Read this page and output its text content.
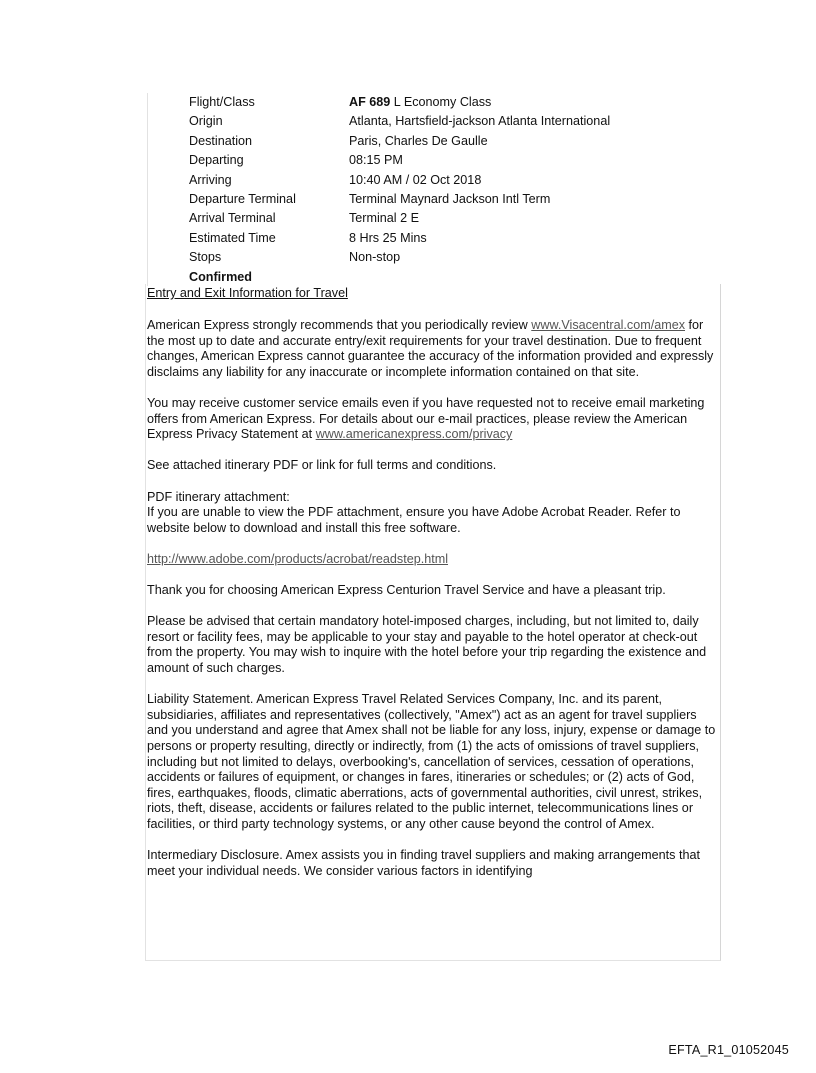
Flight/Class	AF 689 L Economy Class
Origin	Atlanta, Hartsfield-jackson Atlanta International
Destination	Paris, Charles De Gaulle
Departing	08:15 PM
Arriving	10:40 AM / 02 Oct 2018
Departure Terminal	Terminal Maynard Jackson Intl Term
Arrival Terminal	Terminal 2 E
Estimated Time	8 Hrs 25 Mins
Stops	Non-stop
Confirmed
Entry and Exit Information for Travel

American Express strongly recommends that you periodically review www.Visacentral.com/amex for the most up to date and accurate entry/exit requirements for your travel destination. Due to frequent changes, American Express cannot guarantee the accuracy of the information provided and expressly disclaims any liability for any inaccurate or incomplete information contained on that site.

You may receive customer service emails even if you have requested not to receive email marketing offers from American Express. For details about our e-mail practices, please review the American Express Privacy Statement at www.americanexpress.com/privacy

See attached itinerary PDF or link for full terms and conditions.

PDF itinerary attachment:
If you are unable to view the PDF attachment, ensure you have Adobe Acrobat Reader. Refer to website below to download and install this free software.

http://www.adobe.com/products/acrobat/readstep.html

Thank you for choosing American Express Centurion Travel Service and have a pleasant trip.

Please be advised that certain mandatory hotel-imposed charges, including, but not limited to, daily resort or facility fees, may be applicable to your stay and payable to the hotel operator at check-out from the property. You may wish to inquire with the hotel before your trip regarding the existence and amount of such charges.

Liability Statement. American Express Travel Related Services Company, Inc. and its parent, subsidiaries, affiliates and representatives (collectively, "Amex") act as an agent for travel suppliers and you understand and agree that Amex shall not be liable for any loss, injury, expense or damage to persons or property resulting, directly or indirectly, from (1) the acts of omissions of travel suppliers, including but not limited to delays, overbooking's, cancellation of services, cessation of operations, accidents or failures of equipment, or changes in fares, itineraries or schedules; or (2) acts of God, fires, earthquakes, floods, climatic aberrations, acts of governmental authorities, civil unrest, strikes, riots, theft, disease, accidents or failures related to the public internet, telecommunications lines or facilities, or third party technology systems, or any other cause beyond the control of Amex.

Intermediary Disclosure. Amex assists you in finding travel suppliers and making arrangements that meet your individual needs. We consider various factors in identifying

EFTA_R1_01052045
